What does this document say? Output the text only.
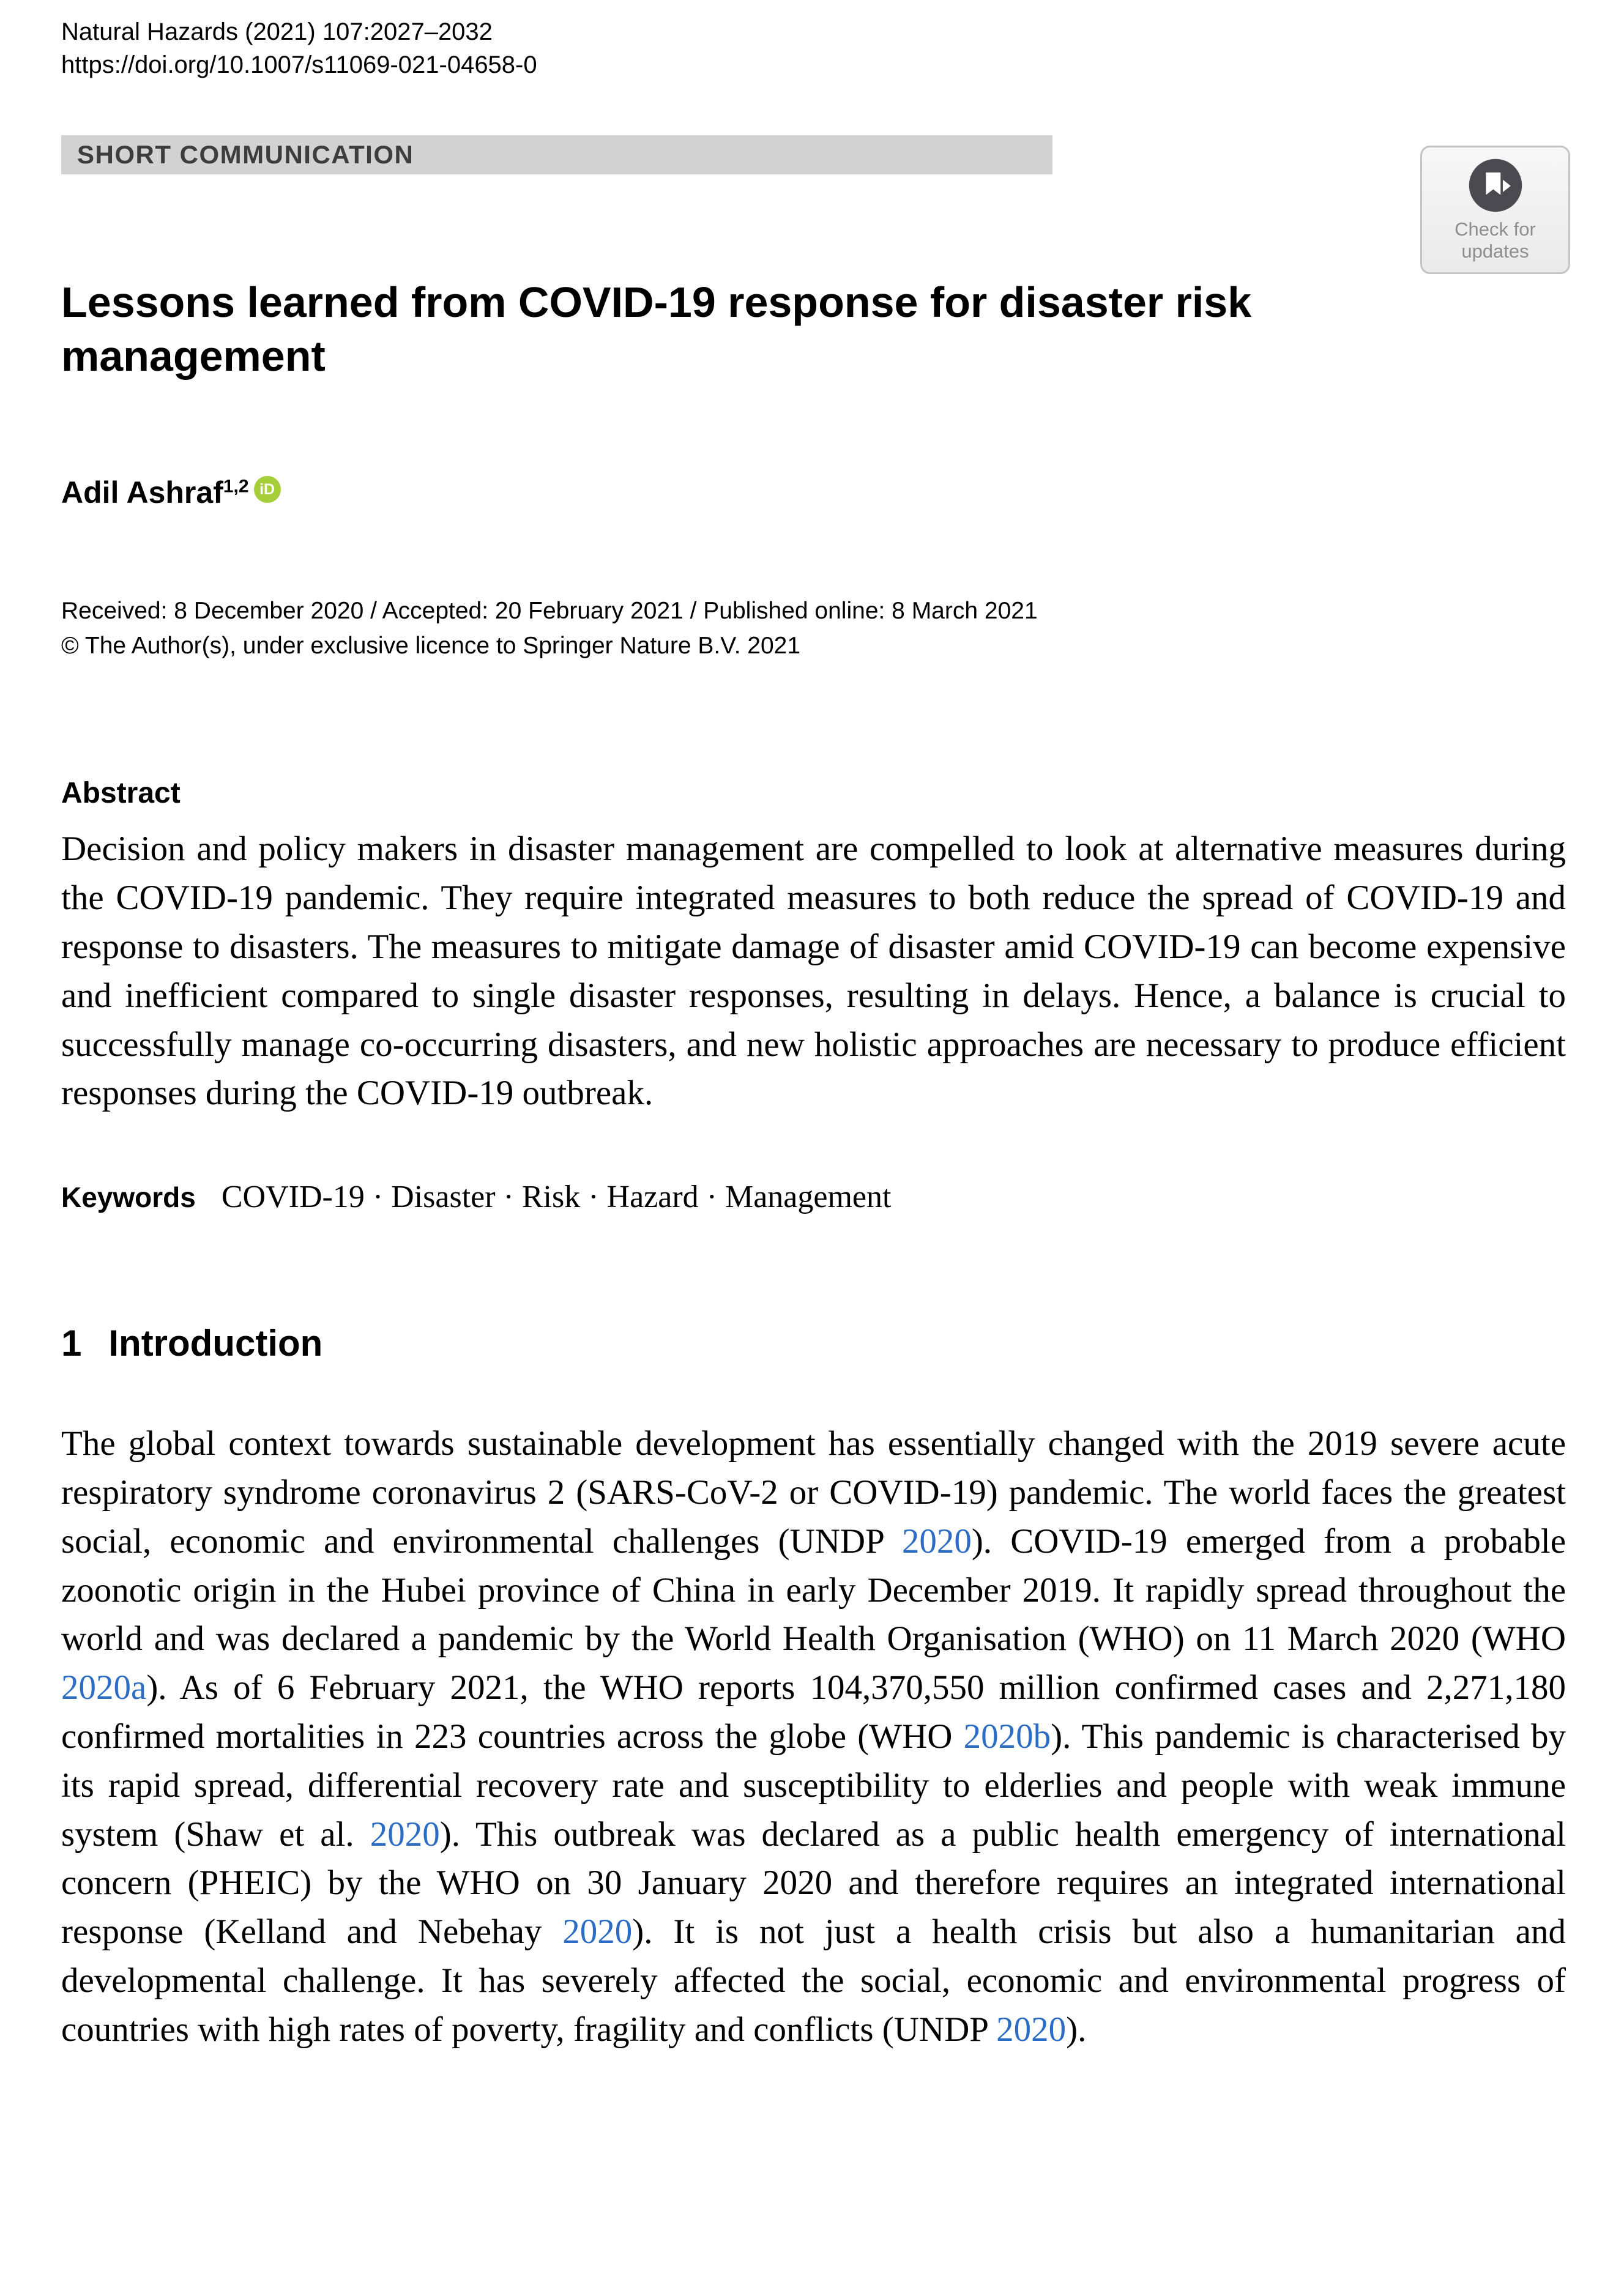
Natural Hazards (2021) 107:2027–2032
https://doi.org/10.1007/s11069-021-04658-0
SHORT COMMUNICATION
Check for
updates
Lessons learned from COVID-19 response for disaster risk management
Adil Ashraf$^{1,2}$ iD
Received: 8 December 2020 / Accepted: 20 February 2021 / Published online: 8 March 2021
© The Author(s), under exclusive licence to Springer Nature B.V. 2021
Abstract

Decision and policy makers in disaster management are compelled to look at alternative measures during the COVID-19 pandemic. They require integrated measures to both reduce the spread of COVID-19 and response to disasters. The measures to mitigate damage of disaster amid COVID-19 can become expensive and inefficient compared to single disaster responses, resulting in delays. Hence, a balance is crucial to successfully manage co-occurring disasters, and new holistic approaches are necessary to produce efficient responses during the COVID-19 outbreak.

Keywords COVID-19 · Disaster · Risk · Hazard · Management
1 Introduction

The global context towards sustainable development has essentially changed with the 2019 severe acute respiratory syndrome coronavirus 2 (SARS-CoV-2 or COVID-19) pandemic. The world faces the greatest social, economic and environmental challenges (UNDP 2020). COVID-19 emerged from a probable zoonotic origin in the Hubei province of China in early December 2019. It rapidly spread throughout the world and was declared a pandemic by the World Health Organisation (WHO) on 11 March 2020 (WHO 2020a). As of 6 February 2021, the WHO reports 104,370,550 million confirmed cases and 2,271,180 confirmed mortalities in 223 countries across the globe (WHO 2020b). This pandemic is characterised by its rapid spread, differential recovery rate and susceptibility to elderlies and people with weak immune system (Shaw et al. 2020). This outbreak was declared as a public health emergency of international concern (PHEIC) by the WHO on 30 January 2020 and therefore requires an integrated international response (Kelland and Nebehay 2020). It is not just a health crisis but also a humanitarian and developmental challenge. It has severely affected the social, economic and environmental progress of countries with high rates of poverty, fragility and conflicts (UNDP 2020).
